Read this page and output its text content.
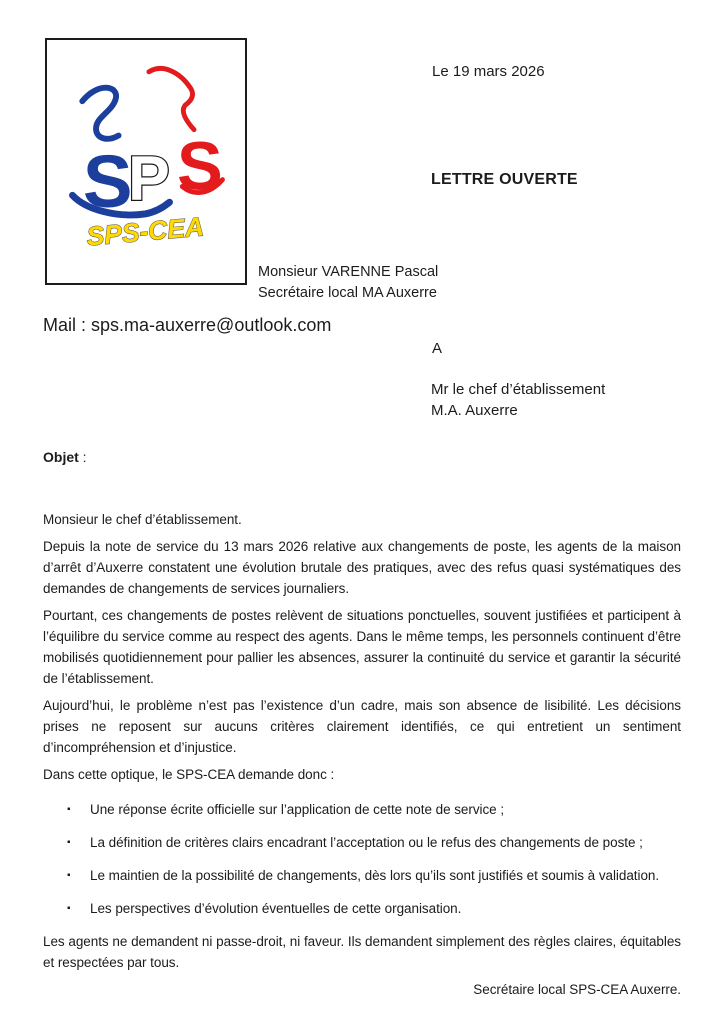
S
P S
SPS-CEA
Le 19 mars 2026
LETTRE OUVERTE
Monsieur VARENNE Pascal
Secrétaire local MA Auxerre
Mail : sps.ma-auxerre@outlook.com
A
Mr le chef d’établissement
M.A. Auxerre
Objet :

Monsieur le chef d’établissement.

Depuis la note de service du 13 mars 2026 relative aux changements de poste, les agents de la maison d’arrêt d’Auxerre constatent une évolution brutale des pratiques, avec des refus quasi systématiques des demandes de changements de services journaliers.

Pourtant, ces changements de postes relèvent de situations ponctuelles, souvent justifiées et participent à l’équilibre du service comme au respect des agents. Dans le même temps, les personnels continuent d’être mobilisés quotidiennement pour pallier les absences, assurer la continuité du service et garantir la sécurité de l’établissement.

Aujourd’hui, le problème n’est pas l’existence d’un cadre, mais son absence de lisibilité. Les décisions prises ne reposent sur aucuns critères clairement identifiés, ce qui entretient un sentiment d’incompréhension et d’injustice.

Dans cette optique, le SPS-CEA demande donc :

▪	Une réponse écrite officielle sur l’application de cette note de service ;
▪	La définition de critères clairs encadrant l’acceptation ou le refus des changements de poste ;
▪	Le maintien de la possibilité de changements, dès lors qu’ils sont justifiés et soumis à validation.
▪	Les perspectives d’évolution éventuelles de cette organisation.

Les agents ne demandent ni passe-droit, ni faveur. Ils demandent simplement des règles claires, équitables et respectées par tous.

Secrétaire local SPS-CEA Auxerre.
